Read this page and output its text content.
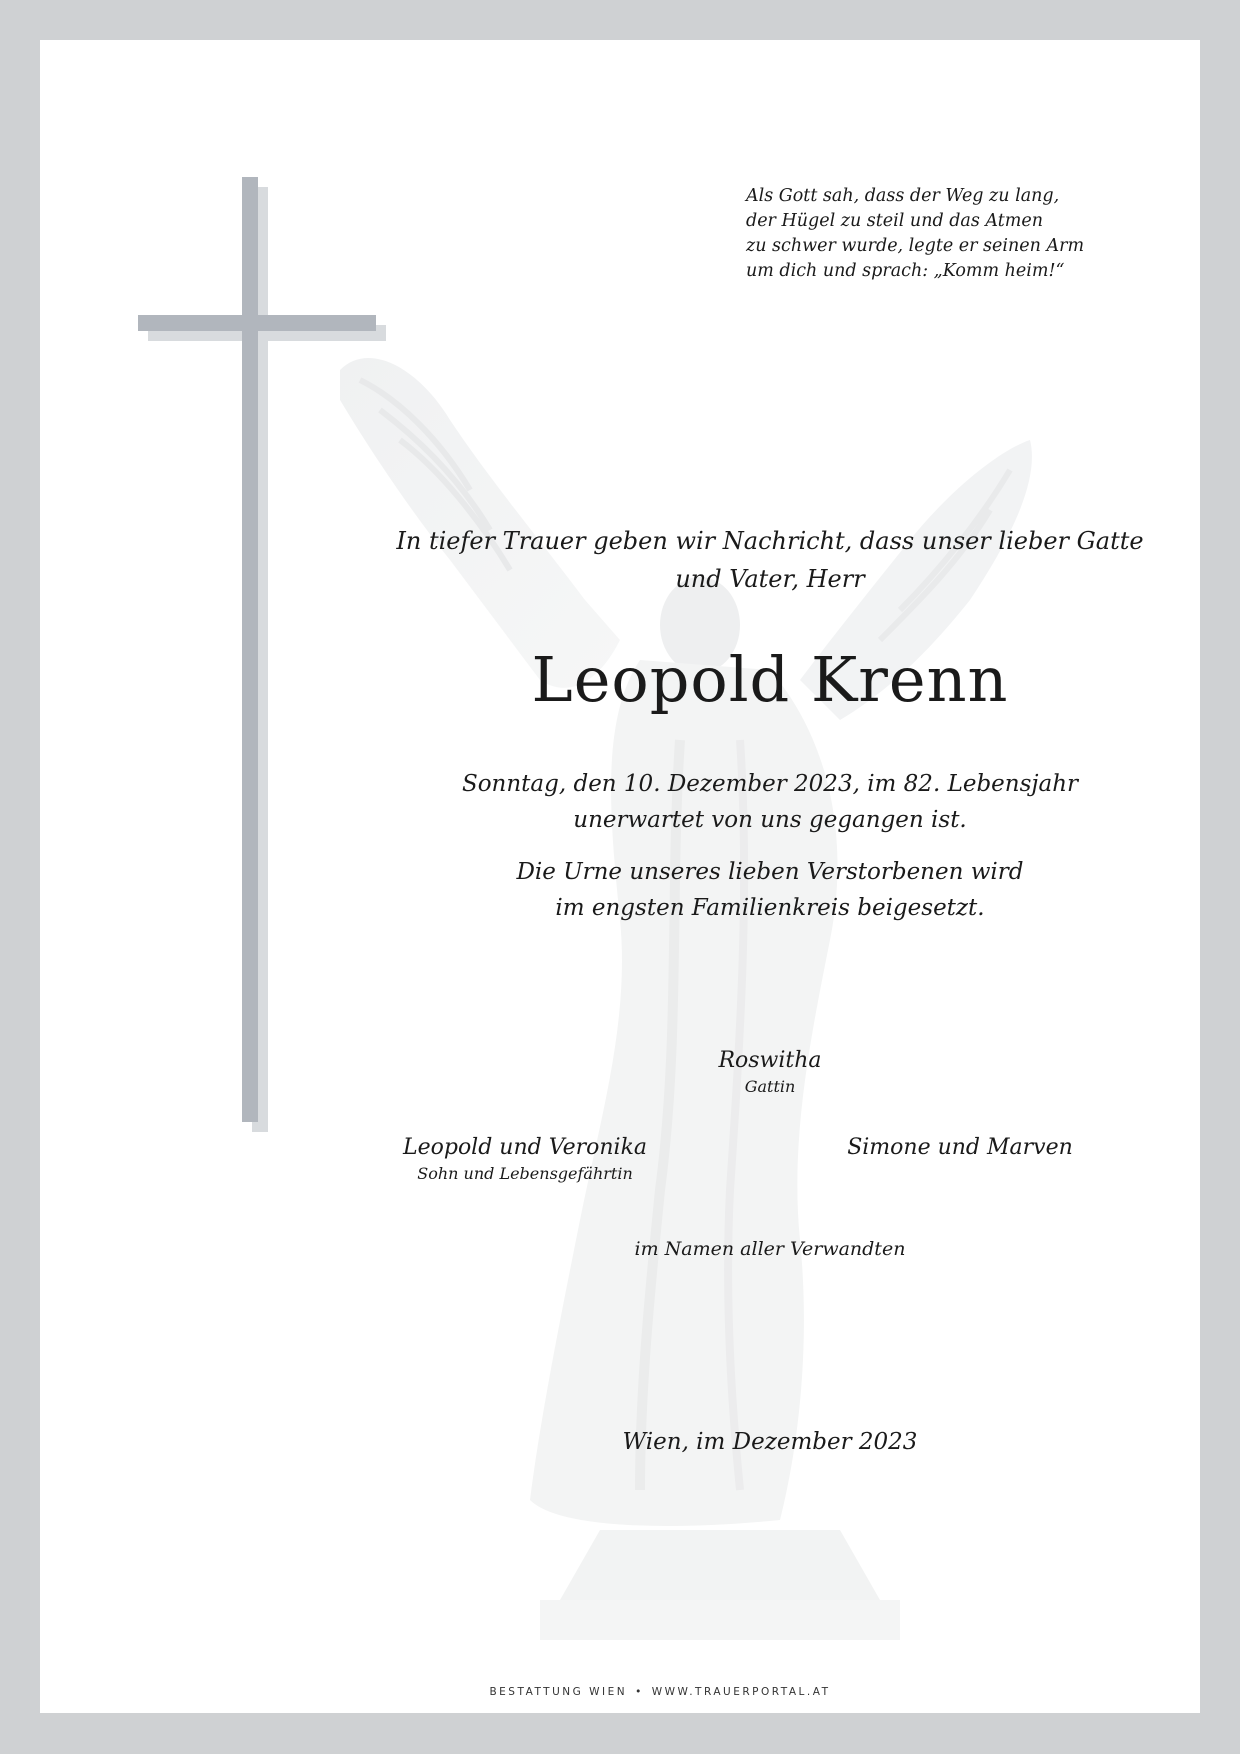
Als Gott sah, dass der Weg zu lang,
der Hügel zu steil und das Atmen
zu schwer wurde, legte er seinen Arm
um dich und sprach: „Komm heim!“
In tiefer Trauer geben wir Nachricht, dass unser lieber Gatte
und Vater, Herr
Leopold Krenn
Sonntag, den 10. Dezember 2023, im 82. Lebensjahr
unerwartet von uns gegangen ist.
Die Urne unseres lieben Verstorbenen wird
im engsten Familienkreis beigesetzt.
Roswitha
Gattin
Leopold und Veronika
Sohn und Lebensgefährtin
Simone und Marven
im Namen aller Verwandten
Wien, im Dezember 2023
BESTATTUNG WIEN • WWW.TRAUERPORTAL.AT
